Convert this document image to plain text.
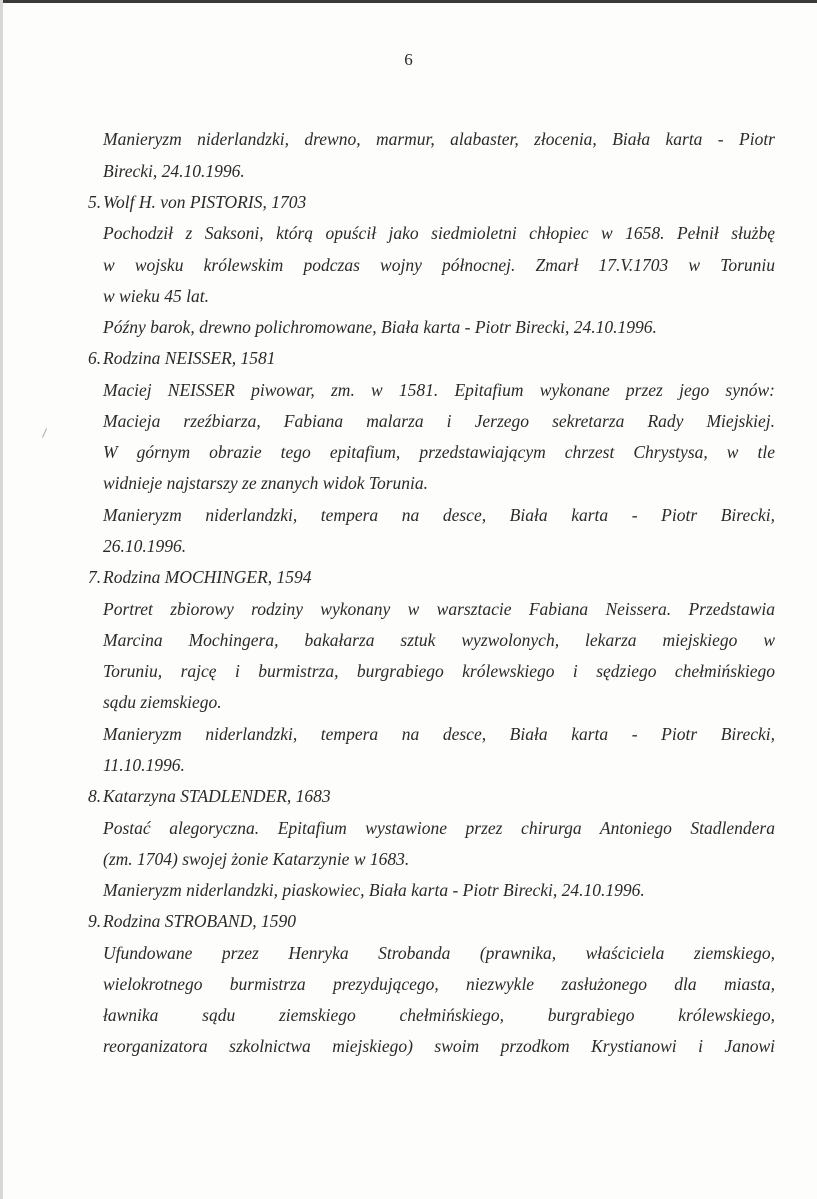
6
Manieryzm niderlandzki, drewno, marmur, alabaster, złocenia, Biała karta - Piotr
Birecki, 24.10.1996.
5. Wolf H. von PISTORIS, 1703
Pochodził z Saksoni, którą opuścił jako siedmioletni chłopiec w 1658. Pełnił służbę
w wojsku królewskim podczas wojny północnej. Zmarł 17.V.1703 w Toruniu
w wieku 45 lat.
Późny barok, drewno polichromowane, Biała karta - Piotr Birecki, 24.10.1996.
6. Rodzina NEISSER, 1581
Maciej NEISSER piwowar, zm. w 1581. Epitafium wykonane przez jego synów:
Macieja rzeźbiarza, Fabiana malarza i Jerzego sekretarza Rady Miejskiej.
W górnym obrazie tego epitafium, przedstawiającym chrzest Chrystysa, w tle
widnieje najstarszy ze znanych widok Torunia.
Manieryzm niderlandzki, tempera na desce, Biała karta - Piotr Birecki,
26.10.1996.
7. Rodzina MOCHINGER, 1594
Portret zbiorowy rodziny wykonany w warsztacie Fabiana Neissera. Przedstawia
Marcina Mochingera, bakałarza sztuk wyzwolonych, lekarza miejskiego w
Toruniu, rajcę i burmistrza, burgrabiego królewskiego i sędziego chełmińskiego
sądu ziemskiego.
Manieryzm niderlandzki, tempera na desce, Biała karta - Piotr Birecki,
11.10.1996.
8. Katarzyna STADLENDER, 1683
Postać alegoryczna. Epitafium wystawione przez chirurga Antoniego Stadlendera
(zm. 1704) swojej żonie Katarzynie w 1683.
Manieryzm niderlandzki, piaskowiec, Biała karta - Piotr Birecki, 24.10.1996.
9. Rodzina STROBAND, 1590
Ufundowane przez Henryka Strobanda (prawnika, właściciela ziemskiego,
wielokrotnego burmistrza prezydującego, niezwykle zasłużonego dla miasta,
ławnika sądu ziemskiego chełmińskiego, burgrabiego królewskiego,
reorganizatora szkolnictwa miejskiego) swoim przodkom Krystianowi i Janowi
